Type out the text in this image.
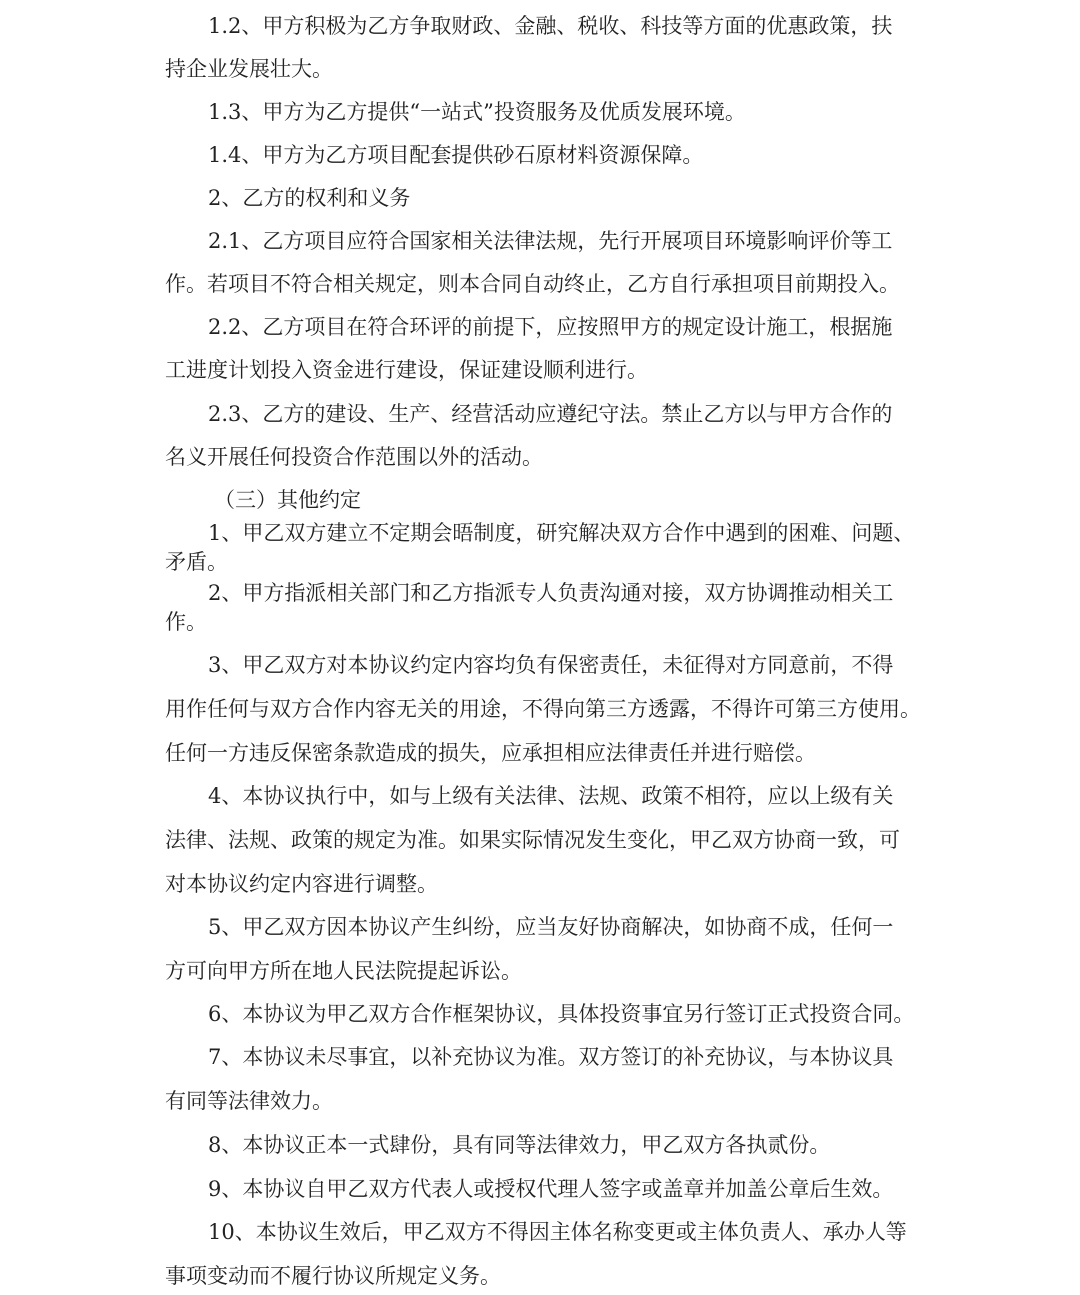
1.2、甲方积极为乙方争取财政、金融、税收、科技等方面的优惠政策，扶

持企业发展壮大。

1.3、甲方为乙方提供“一站式”投资服务及优质发展环境。

1.4、甲方为乙方项目配套提供砂石原材料资源保障。

2、乙方的权利和义务

2.1、乙方项目应符合国家相关法律法规，先行开展项目环境影响评价等工

作。若项目不符合相关规定，则本合同自动终止，乙方自行承担项目前期投入。

2.2、乙方项目在符合环评的前提下，应按照甲方的规定设计施工，根据施

工进度计划投入资金进行建设，保证建设顺利进行。

2.3、乙方的建设、生产、经营活动应遵纪守法。禁止乙方以与甲方合作的

名义开展任何投资合作范围以外的活动。

（三）其他约定

1、甲乙双方建立不定期会晤制度，研究解决双方合作中遇到的困难、问题、

矛盾。

2、甲方指派相关部门和乙方指派专人负责沟通对接，双方协调推动相关工

作。

3、甲乙双方对本协议约定内容均负有保密责任，未征得对方同意前，不得

用作任何与双方合作内容无关的用途，不得向第三方透露，不得许可第三方使用。

任何一方违反保密条款造成的损失，应承担相应法律责任并进行赔偿。

4、本协议执行中，如与上级有关法律、法规、政策不相符，应以上级有关

法律、法规、政策的规定为准。如果实际情况发生变化，甲乙双方协商一致，可

对本协议约定内容进行调整。

5、甲乙双方因本协议产生纠纷，应当友好协商解决，如协商不成，任何一

方可向甲方所在地人民法院提起诉讼。

6、本协议为甲乙双方合作框架协议，具体投资事宜另行签订正式投资合同。

7、本协议未尽事宜，以补充协议为准。双方签订的补充协议，与本协议具

有同等法律效力。

8、本协议正本一式肆份，具有同等法律效力，甲乙双方各执贰份。

9、本协议自甲乙双方代表人或授权代理人签字或盖章并加盖公章后生效。

10、本协议生效后，甲乙双方不得因主体名称变更或主体负责人、承办人等

事项变动而不履行协议所规定义务。
